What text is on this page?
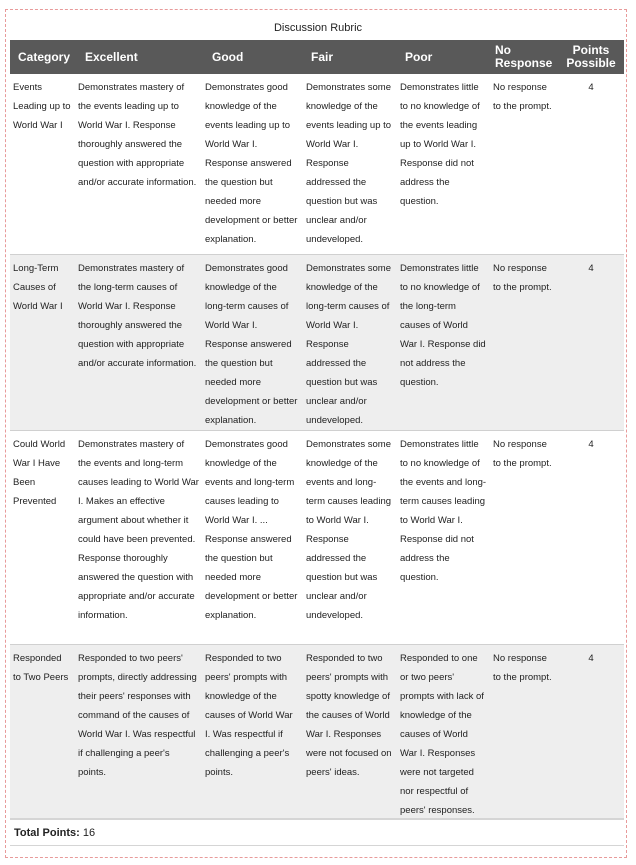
Discussion Rubric
Category	Excellent	Good	Fair	Poor	No Response	Points Possible
Events Leading up to World War I	Demonstrates mastery of the events leading up to World War I. Response thoroughly answered the question with appropriate and/or accurate information.	Demonstrates good knowledge of the events leading up to World War I. Response answered the question but needed more development or better explanation.	Demonstrates some knowledge of the events leading up to World War I. Response addressed the question but was unclear and/or undeveloped.	Demonstrates little to no knowledge of the events leading up to World War I. Response did not address the question.	No response to the prompt.	4
Long-Term Causes of World War I	Demonstrates mastery of the long-term causes of World War I. Response thoroughly answered the question with appropriate and/or accurate information.	Demonstrates good knowledge of the long-term causes of World War I. Response answered the question but needed more development or better explanation.	Demonstrates some knowledge of the long-term causes of World War I. Response addressed the question but was unclear and/or undeveloped.	Demonstrates little to no knowledge of the long-term causes of World War I. Response did not address the question.	No response to the prompt.	4
Could World War I Have Been Prevented	Demonstrates mastery of the events and long-term causes leading to World War I. Makes an effective argument about whether it could have been prevented. Response thoroughly answered the question with appropriate and/or accurate information.	Demonstrates good knowledge of the events and long-term causes leading to World War I. ... Response answered the question but needed more development or better explanation.	Demonstrates some knowledge of the events and long-term causes leading to World War I. Response addressed the question but was unclear and/or undeveloped.	Demonstrates little to no knowledge of the events and long-term causes leading to World War I. Response did not address the question.	No response to the prompt.	4
Responded to Two Peers	Responded to two peers' prompts, directly addressing their peers' responses with command of the causes of World War I. Was respectful if challenging a peer's points.	Responded to two peers' prompts with knowledge of the causes of World War I. Was respectful if challenging a peer's points.	Responded to two peers' prompts with spotty knowledge of the causes of World War I. Responses were not focused on peers' ideas.	Responded to one or two peers' prompts with lack of knowledge of the causes of World War I. Responses were not targeted nor respectful of peers' responses.	No response to the prompt.	4
Total Points: 16
